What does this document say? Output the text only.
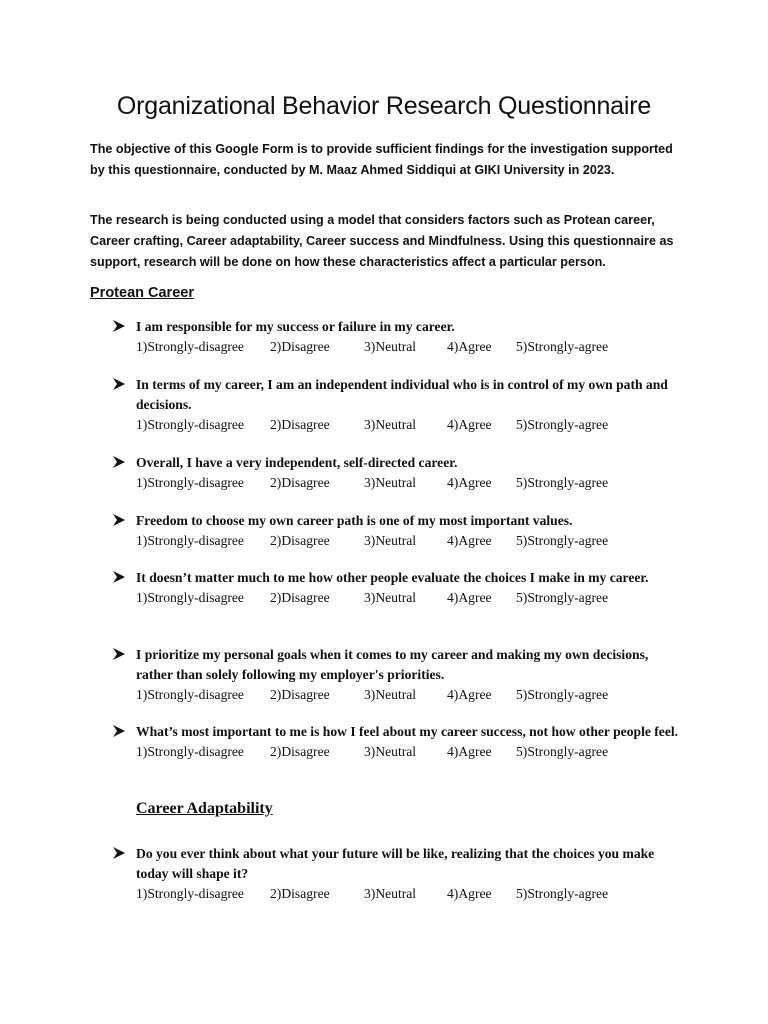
Organizational Behavior Research Questionnaire

The objective of this Google Form is to provide sufficient findings for the investigation supported by this questionnaire, conducted by M. Maaz Ahmed Siddiqui at GIKI University in 2023.

The research is being conducted using a model that considers factors such as Protean career, Career crafting, Career adaptability, Career success and Mindfulness. Using this questionnaire as support, research will be done on how these characteristics affect a particular person.

Protean Career

I am responsible for my success or failure in my career.

1)Strongly-disagree 2)Disagree	3)Neutral 4)Agree 5)Strongly-agree

In terms of my career, I am an independent individual who is in control of my own path and decisions.

1)Strongly-disagree 2)Disagree	3)Neutral 4)Agree 5)Strongly-agree

Overall, I have a very independent, self-directed career.

1)Strongly-disagree 2)Disagree	3)Neutral 4)Agree 5)Strongly-agree

Freedom to choose my own career path is one of my most important values.

1)Strongly-disagree 2)Disagree	3)Neutral 4)Agree 5)Strongly-agree

It doesn’t matter much to me how other people evaluate the choices I make in my career.

1)Strongly-disagree 2)Disagree	3)Neutral 4)Agree 5)Strongly-agree

I prioritize my personal goals when it comes to my career and making my own decisions, rather than solely following my employer's priorities.

1)Strongly-disagree 2)Disagree	3)Neutral 4)Agree 5)Strongly-agree

What’s most important to me is how I feel about my career success, not how other people feel.

1)Strongly-disagree 2)Disagree	3)Neutral 4)Agree 5)Strongly-agree
Career Adaptability

Do you ever think about what your future will be like, realizing that the choices you make today will shape it?

1)Strongly-disagree 2)Disagree	3)Neutral 4)Agree 5)Strongly-agree
